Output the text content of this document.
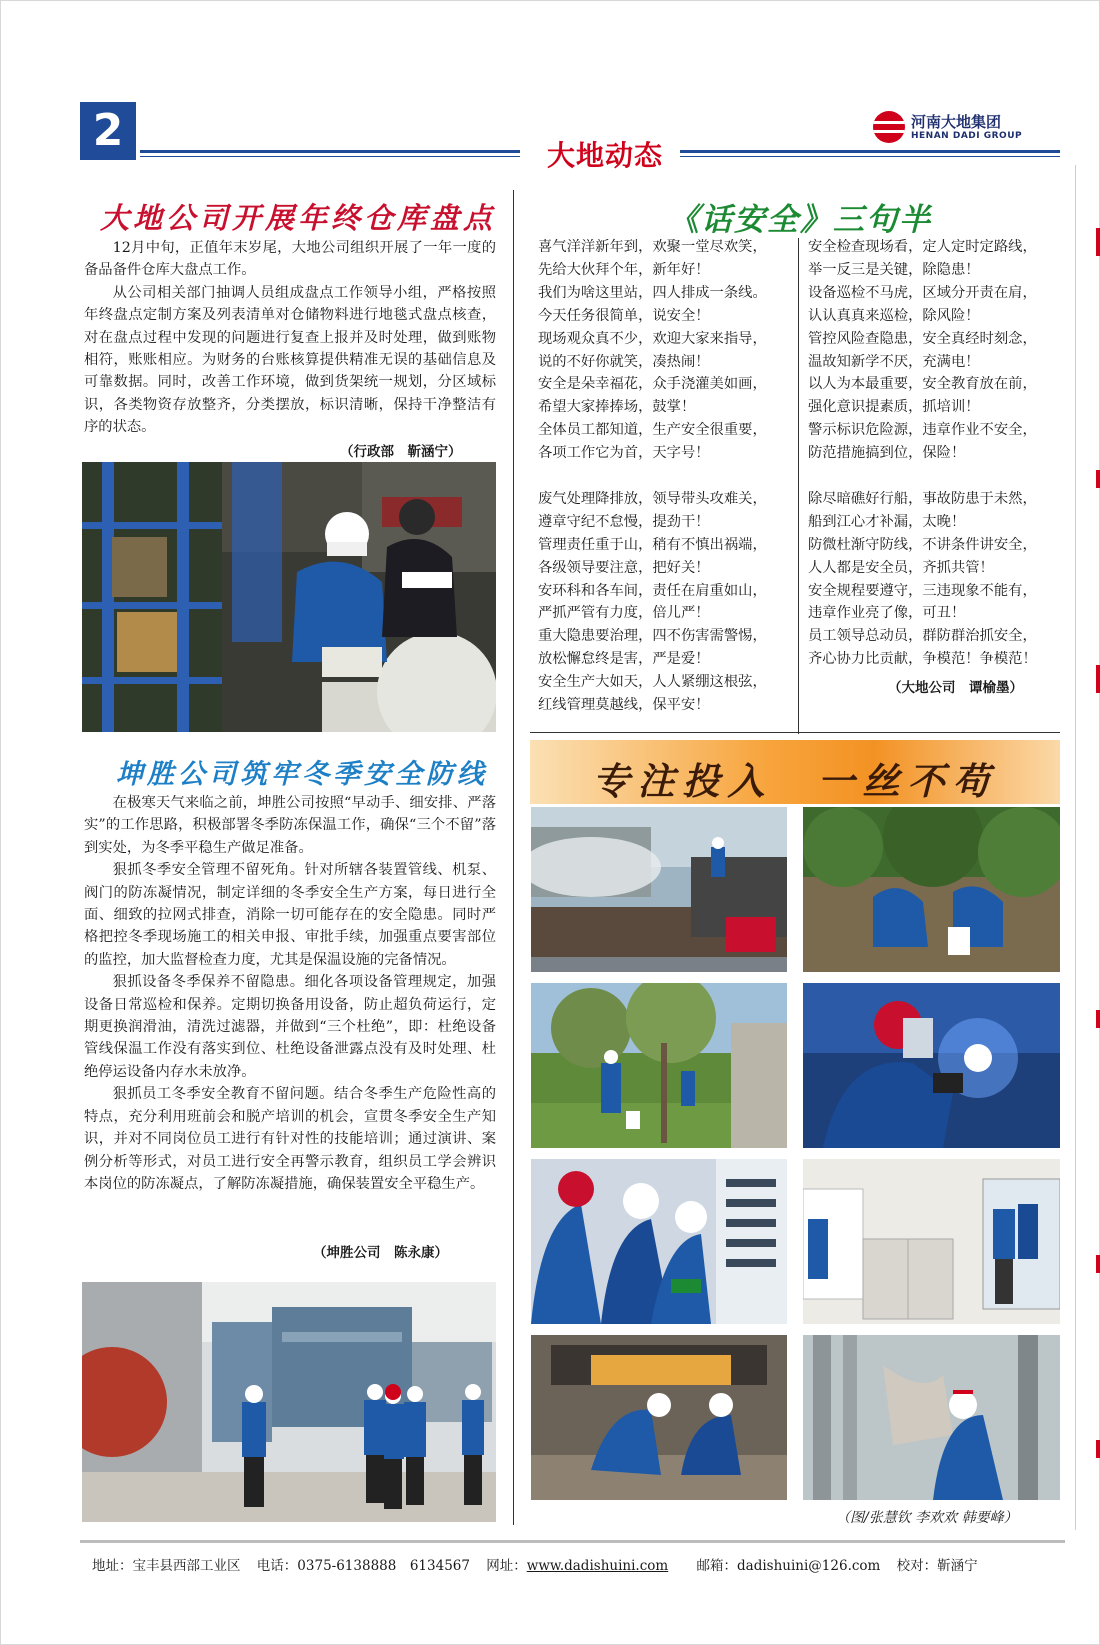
2	大地动态
河南大地集团
HENAN DADI GROUP
大地公司开展年终仓库盘点

12月中旬，正值年末岁尾，大地公司组织开展了一年一度的备品备件仓库大盘点工作。

从公司相关部门抽调人员组成盘点工作领导小组，严格按照年终盘点定制方案及列表清单对仓储物料进行地毯式盘点核查，对在盘点过程中发现的问题进行复查上报并及时处理，做到账物相符，账账相应。为财务的台账核算提供精准无误的基础信息及可靠数据。同时，改善工作环境，做到货架统一规划，分区域标识，各类物资存放整齐，分类摆放，标识清晰，保持干净整洁有序的状态。

（行政部　 靳涵宁）
坤胜公司筑牢冬季安全防线

在极寒天气来临之前，坤胜公司按照“早动手、细安排、严落实”的工作思路，积极部署冬季防冻保温工作，确保“三个不留”落到实处，为冬季平稳生产做足准备。

狠抓冬季安全管理不留死角。针对所辖各装置管线、机泵、阀门的防冻凝情况，制定详细的冬季安全生产方案，每日进行全面、细致的拉网式排查，消除一切可能存在的安全隐患。同时严格把控冬季现场施工的相关申报、审批手续，加强重点要害部位的监控，加大监督检查力度，尤其是保温设施的完备情况。

狠抓设备冬季保养不留隐患。细化各项设备管理规定，加强设备日常巡检和保养。定期切换备用设备，防止超负荷运行，定期更换润滑油，清洗过滤器，并做到“三个杜绝”，即：杜绝设备管线保温工作没有落实到位、杜绝设备泄露点没有及时处理、杜绝停运设备内存水未放净。

狠抓员工冬季安全教育不留问题。结合冬季生产危险性高的特点，充分利用班前会和脱产培训的机会，宣贯冬季安全生产知识，并对不同岗位员工进行有针对性的技能培训；通过演讲、案例分析等形式，对员工进行安全再警示教育，组织员工学会辨识本岗位的防冻凝点，了解防冻凝措施，确保装置安全平稳生产。

（坤胜公司　 陈永康）
《话安全》三句半
喜气洋洋新年到，欢聚一堂尽欢笑，
先给大伙拜个年，新年好！
我们为啥这里站，四人排成一条线。
今天任务很简单，说安全！
现场观众真不少，欢迎大家来指导，
说的不好你就笑，凑热闹！
安全是朵幸福花，众手浇灌美如画，
希望大家捧捧场，鼓掌！
全体员工都知道，生产安全很重要，
各项工作它为首，天字号！
废气处理降排放，领导带头攻难关，
遵章守纪不怠慢，提劲干！
管理责任重于山，稍有不慎出祸端，
各级领导要注意，把好关！
安环科和各车间，责任在肩重如山，
严抓严管有力度，倍儿严！
重大隐患要治理，四不伤害需警惕，
放松懈怠终是害，严是爱！
安全生产大如天，人人紧绷这根弦，
红线管理莫越线，保平安！
安全检查现场看，定人定时定路线，
举一反三是关键，除隐患！
设备巡检不马虎，区域分开责在肩，
认认真真来巡检，除风险！
管控风险查隐患，安全真经时刻念，
温故知新学不厌，充满电！
以人为本最重要，安全教育放在前，
强化意识提素质，抓培训！
警示标识危险源，违章作业不安全，
防范措施搞到位，保险！
除尽暗礁好行船，事故防患于未然，
船到江心才补漏，太晚！
防微杜渐守防线，不讲条件讲安全，
人人都是安全员，齐抓共管！
安全规程要遵守，三违现象不能有，
违章作业亮了像，可丑！
员工领导总动员，群防群治抓安全，
齐心协力比贡献，争模范！争模范！
（大地公司　 谭榆墨）
专注投入　一丝不苟
（图/张慧钦 李欢欢 韩要峰）
地址：宝丰县西部工业区 电话：0375-6138888　6134567 网址：www.dadishuini.com 邮箱：dadishuini@126.com 校对：靳涵宁
